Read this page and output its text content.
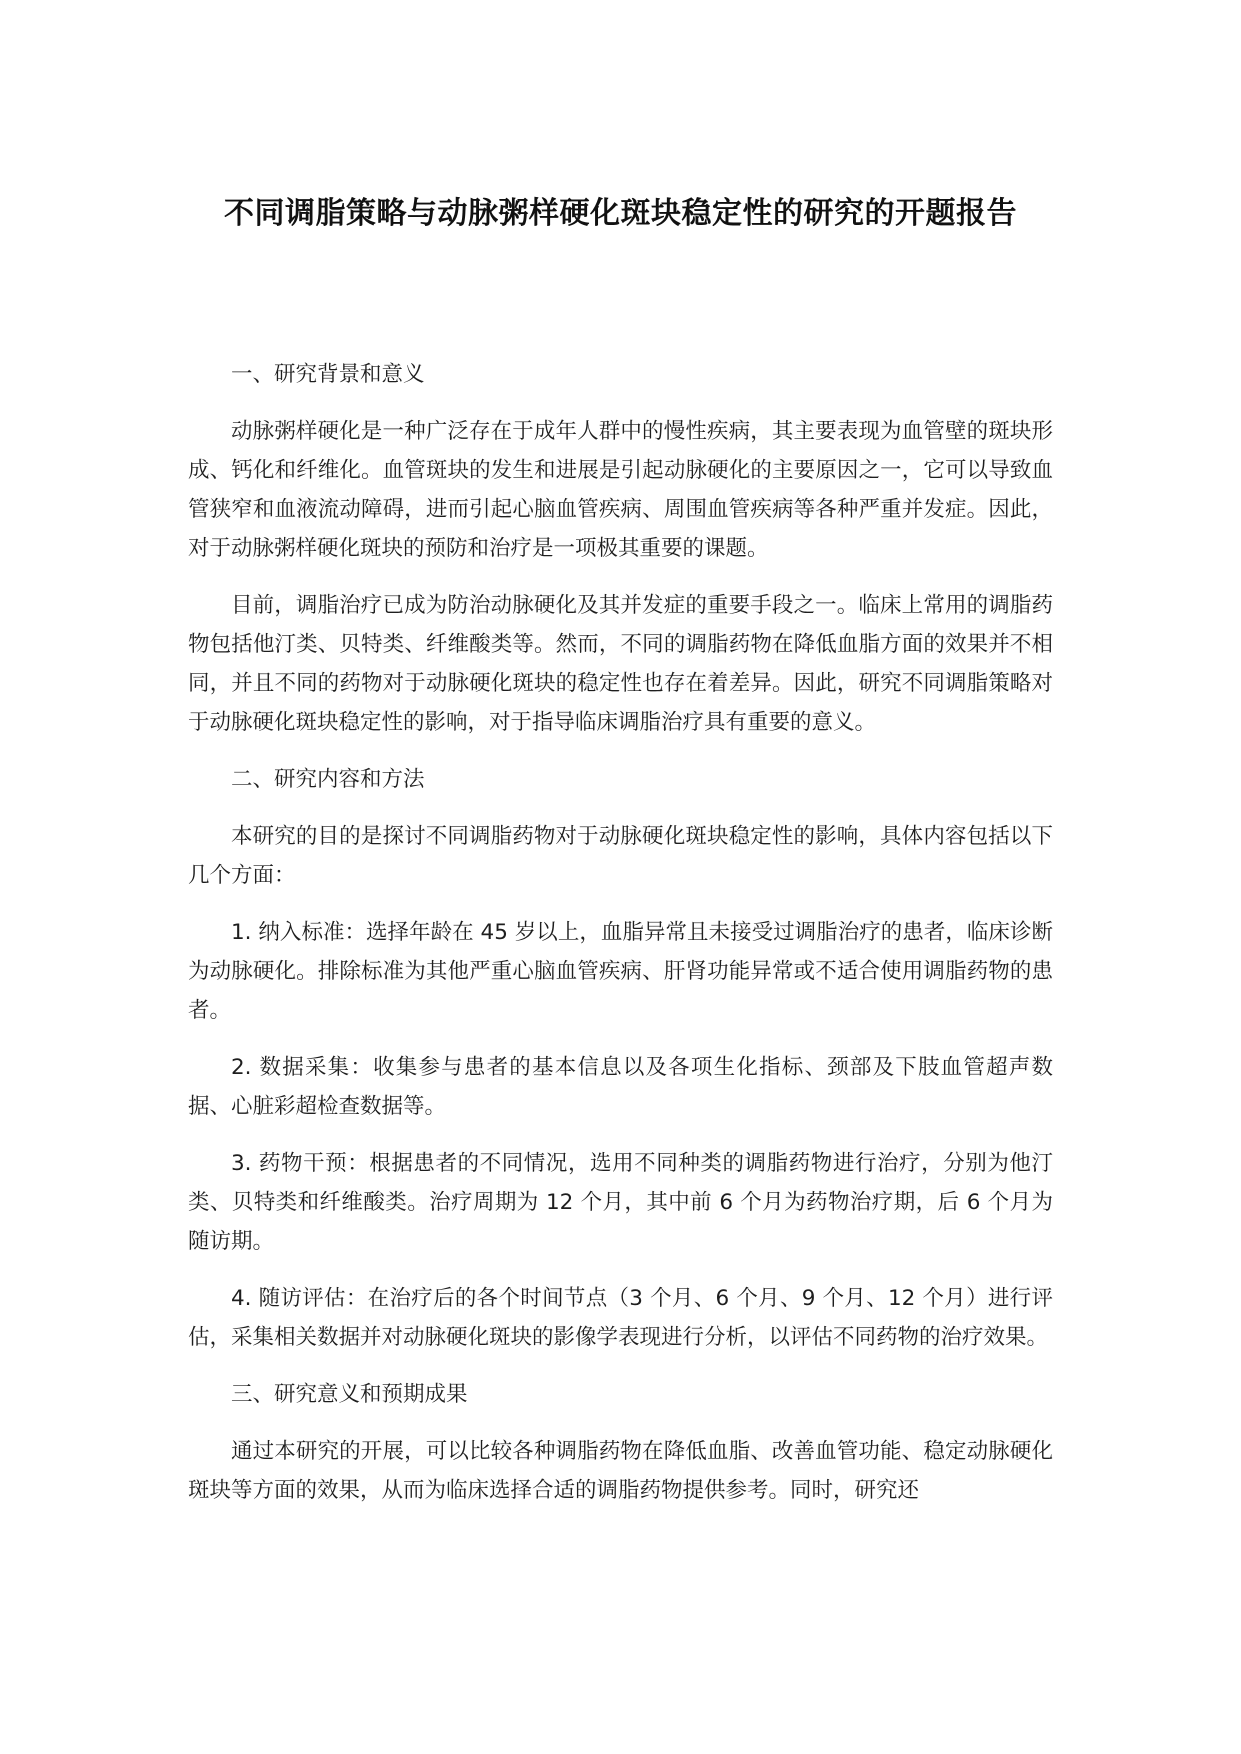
不同调脂策略与动脉粥样硬化斑块稳定性的研究的开题报告

一、研究背景和意义

动脉粥样硬化是一种广泛存在于成年人群中的慢性疾病，其主要表现为血管壁的斑块形成、钙化和纤维化。血管斑块的发生和进展是引起动脉硬化的主要原因之一，它可以导致血管狭窄和血液流动障碍，进而引起心脑血管疾病、周围血管疾病等各种严重并发症。因此，对于动脉粥样硬化斑块的预防和治疗是一项极其重要的课题。

目前，调脂治疗已成为防治动脉硬化及其并发症的重要手段之一。临床上常用的调脂药物包括他汀类、贝特类、纤维酸类等。然而，不同的调脂药物在降低血脂方面的效果并不相同，并且不同的药物对于动脉硬化斑块的稳定性也存在着差异。因此，研究不同调脂策略对于动脉硬化斑块稳定性的影响，对于指导临床调脂治疗具有重要的意义。

二、研究内容和方法

本研究的目的是探讨不同调脂药物对于动脉硬化斑块稳定性的影响，具体内容包括以下几个方面：

1. 纳入标准：选择年龄在 45 岁以上，血脂异常且未接受过调脂治疗的患者，临床诊断为动脉硬化。排除标准为其他严重心脑血管疾病、肝肾功能异常或不适合使用调脂药物的患者。

2. 数据采集：收集参与患者的基本信息以及各项生化指标、颈部及下肢血管超声数据、心脏彩超检查数据等。

3. 药物干预：根据患者的不同情况，选用不同种类的调脂药物进行治疗，分别为他汀类、贝特类和纤维酸类。治疗周期为 12 个月，其中前 6 个月为药物治疗期，后 6 个月为随访期。

4. 随访评估：在治疗后的各个时间节点（3 个月、6 个月、9 个月、12 个月）进行评估，采集相关数据并对动脉硬化斑块的影像学表现进行分析，以评估不同药物的治疗效果。

三、研究意义和预期成果

通过本研究的开展，可以比较各种调脂药物在降低血脂、改善血管功能、稳定动脉硬化斑块等方面的效果，从而为临床选择合适的调脂药物提供参考。同时，研究还
